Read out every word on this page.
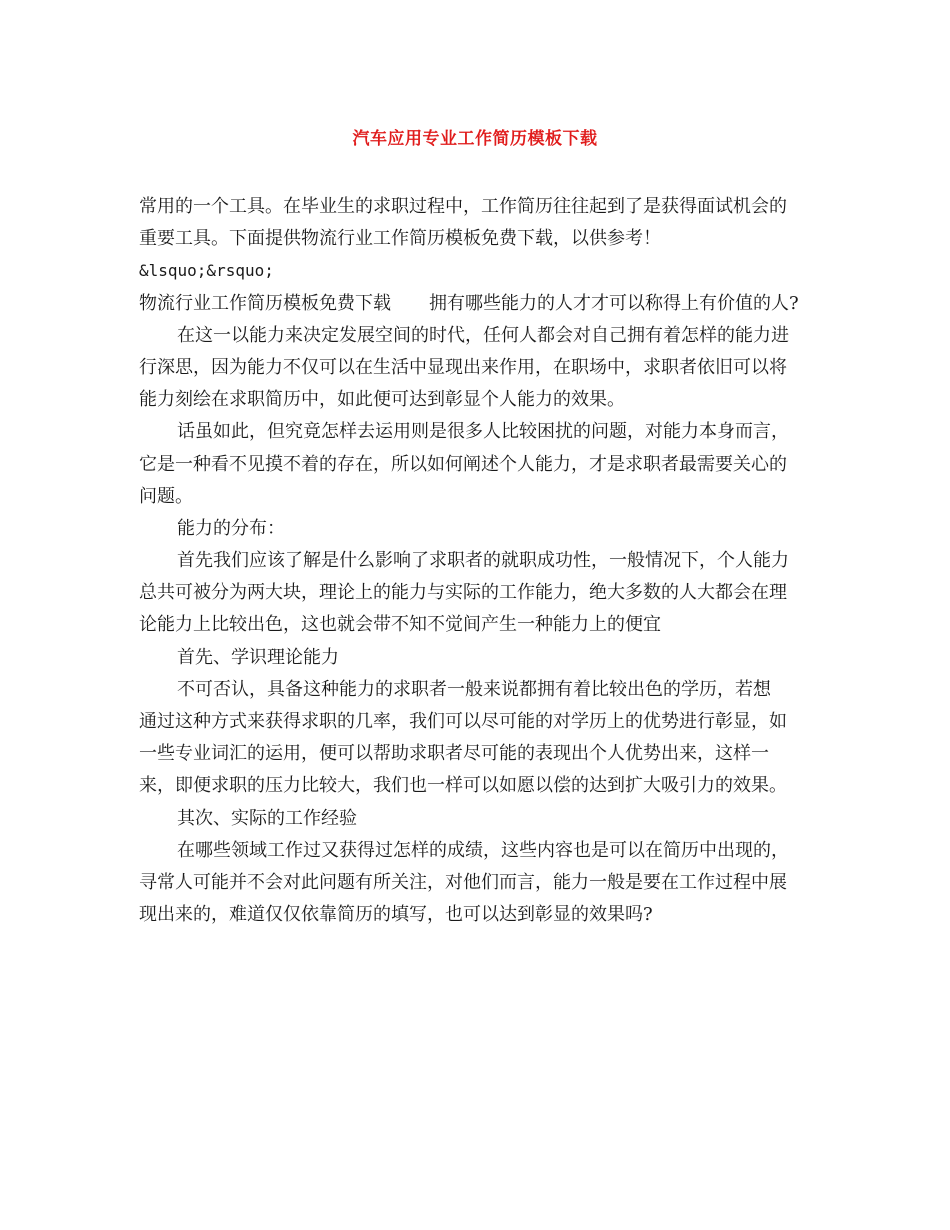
汽车应用专业工作简历模板下载
常用的一个工具。在毕业生的求职过程中，工作简历往往起到了是获得面试机会的
重要工具。下面提供物流行业工作简历模板免费下载，以供参考！
&lsquo;&rsquo;
物流行业工作简历模板免费下载 拥有哪些能力的人才才可以称得上有价值的人?
在这一以能力来决定发展空间的时代，任何人都会对自己拥有着怎样的能力进
行深思，因为能力不仅可以在生活中显现出来作用，在职场中，求职者依旧可以将
能力刻绘在求职简历中，如此便可达到彰显个人能力的效果。
话虽如此，但究竟怎样去运用则是很多人比较困扰的问题，对能力本身而言，
它是一种看不见摸不着的存在，所以如何阐述个人能力，才是求职者最需要关心的
问题。
能力的分布：
首先我们应该了解是什么影响了求职者的就职成功性，一般情况下，个人能力
总共可被分为两大块，理论上的能力与实际的工作能力，绝大多数的人大都会在理
论能力上比较出色，这也就会带不知不觉间产生一种能力上的便宜
首先、学识理论能力
不可否认，具备这种能力的求职者一般来说都拥有着比较出色的学历，若想
通过这种方式来获得求职的几率，我们可以尽可能的对学历上的优势进行彰显，如
一些专业词汇的运用，便可以帮助求职者尽可能的表现出个人优势出来，这样一
来，即便求职的压力比较大，我们也一样可以如愿以偿的达到扩大吸引力的效果。
其次、实际的工作经验
在哪些领域工作过又获得过怎样的成绩，这些内容也是可以在简历中出现的，
寻常人可能并不会对此问题有所关注，对他们而言，能力一般是要在工作过程中展
现出来的，难道仅仅依靠简历的填写，也可以达到彰显的效果吗?
